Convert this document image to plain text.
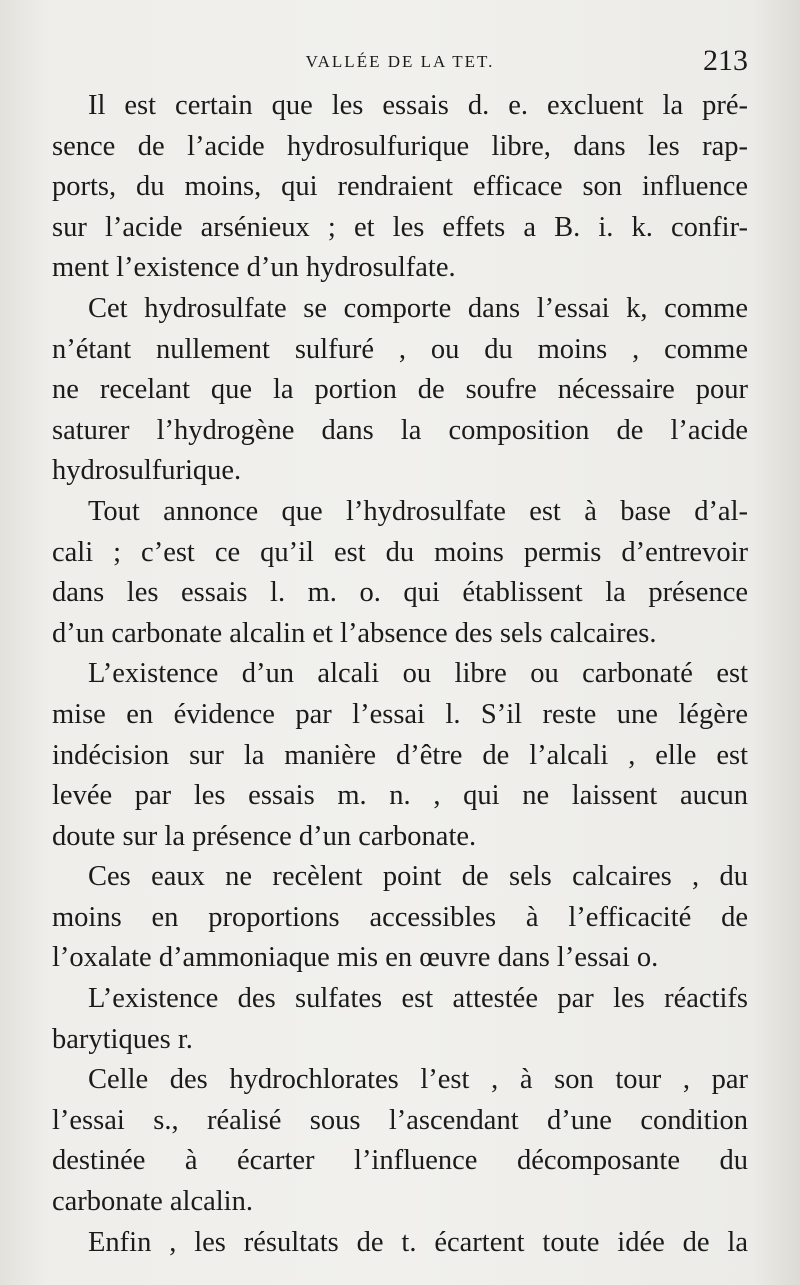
VALLÉE DE LA TET.	213
Il est certain que les essais d. e. excluent la pré-
sence de l’acide hydrosulfurique libre, dans les rap-
ports, du moins, qui rendraient efficace son influence
sur l’acide arsénieux ; et les effets a B. i. k. confir-
ment l’existence d’un hydrosulfate.
Cet hydrosulfate se comporte dans l’essai k, comme
n’étant nullement sulfuré , ou du moins , comme
ne recelant que la portion de soufre nécessaire pour
saturer l’hydrogène dans la composition de l’acide
hydrosulfurique.
Tout annonce que l’hydrosulfate est à base d’al-
cali ; c’est ce qu’il est du moins permis d’entrevoir
dans les essais l. m. o. qui établissent la présence
d’un carbonate alcalin et l’absence des sels calcaires.
L’existence d’un alcali ou libre ou carbonaté est
mise en évidence par l’essai l. S’il reste une légère
indécision sur la manière d’être de l’alcali , elle est
levée par les essais m. n. , qui ne laissent aucun
doute sur la présence d’un carbonate.
Ces eaux ne recèlent point de sels calcaires , du
moins en proportions accessibles à l’efficacité de
l’oxalate d’ammoniaque mis en œuvre dans l’essai o.
L’existence des sulfates est attestée par les réactifs
barytiques r.
Celle des hydrochlorates l’est , à son tour , par
l’essai s., réalisé sous l’ascendant d’une condition
destinée à écarter l’influence décomposante du
carbonate alcalin.
Enfin , les résultats de t. écartent toute idée de la
